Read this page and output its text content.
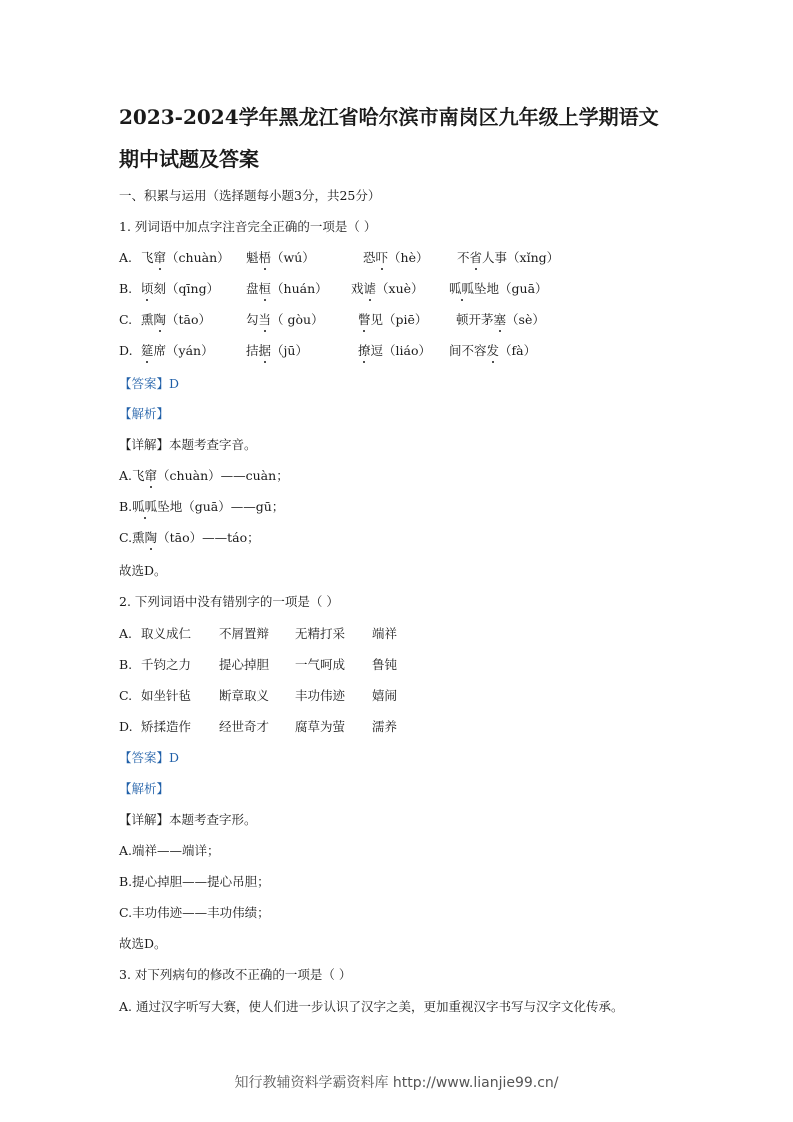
2023-2024学年黑龙江省哈尔滨市南岗区九年级上学期语文
期中试题及答案
一、积累与运用（选择题每小题3分，共25分）
1. 列词语中加点字注音完全正确的一项是（ ）
A. 飞窜（chuàn） 魁梧（wú）	恐吓（hè） 不省人事（xǐng）
B. 顷刻（qīng） 盘桓（huán） 戏谑（xuè） 呱呱坠地（guā）
C. 熏陶（tāo）	勾当（ gòu）	瞥见（piē） 顿开茅塞（sè）
D. 筵席（yán）	拮据（jū）	撩逗（liáo） 间不容发（fà）
【答案】D
【解析】
【详解】本题考查字音。
A.飞窜（chuàn）——cuàn；
B.呱呱坠地（guā）——gū；
C.熏陶（tāo）——táo；
故选D。
2. 下列词语中没有错别字的一项是（ ）
A. 取义成仁 不屑置辩 无精打采 端祥
B. 千钧之力 提心掉胆 一气呵成 鲁钝
C. 如坐针毡 断章取义 丰功伟迹 嬉闹
D. 矫揉造作 经世奇才 腐草为萤 濡养
【答案】D
【解析】
【详解】本题考查字形。
A.端祥——端详；
B.提心掉胆——提心吊胆；
C.丰功伟迹——丰功伟绩；
故选D。
3. 对下列病句的修改不正确的一项是（ ）
A. 通过汉字听写大赛，使人们进一步认识了汉字之美，更加重视汉字书写与汉字文化传承。
知行教辅资料学霸资料库 http://www.lianjie99.cn/
